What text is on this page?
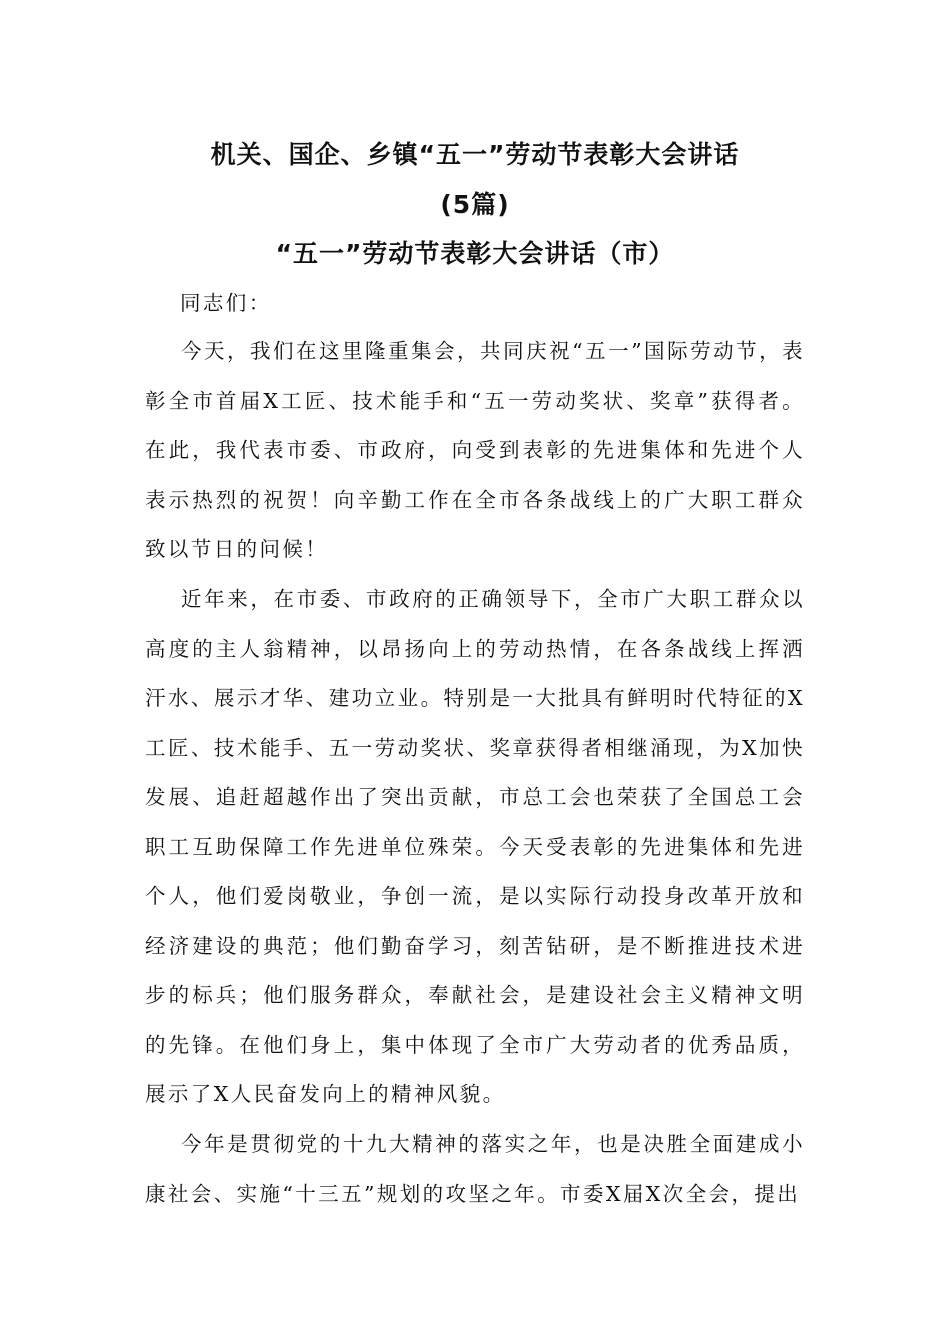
机关、国企、乡镇“五一”劳动节表彰大会讲话
(5篇)
“五一”劳动节表彰大会讲话（市）
同志们：

今天，我们在这里隆重集会，共同庆祝“五一”国际劳动节，表彰全市首届X工匠、技术能手和“五一劳动奖状、奖章”获得者。在此，我代表市委、市政府，向受到表彰的先进集体和先进个人表示热烈的祝贺！向辛勤工作在全市各条战线上的广大职工群众致以节日的问候！

近年来，在市委、市政府的正确领导下，全市广大职工群众以高度的主人翁精神，以昂扬向上的劳动热情，在各条战线上挥洒汗水、展示才华、建功立业。特别是一大批具有鲜明时代特征的X工匠、技术能手、五一劳动奖状、奖章获得者相继涌现，为X加快发展、追赶超越作出了突出贡献，市总工会也荣获了全国总工会职工互助保障工作先进单位殊荣。今天受表彰的先进集体和先进个人，他们爱岗敬业，争创一流，是以实际行动投身改革开放和经济建设的典范；他们勤奋学习，刻苦钻研，是不断推进技术进步的标兵；他们服务群众，奉献社会，是建设社会主义精神文明的先锋。在他们身上，集中体现了全市广大劳动者的优秀品质，展示了X人民奋发向上的精神风貌。

今年是贯彻党的十九大精神的落实之年，也是决胜全面建成小康社会、实施“十三五”规划的攻坚之年。市委X届X次全会，提出
